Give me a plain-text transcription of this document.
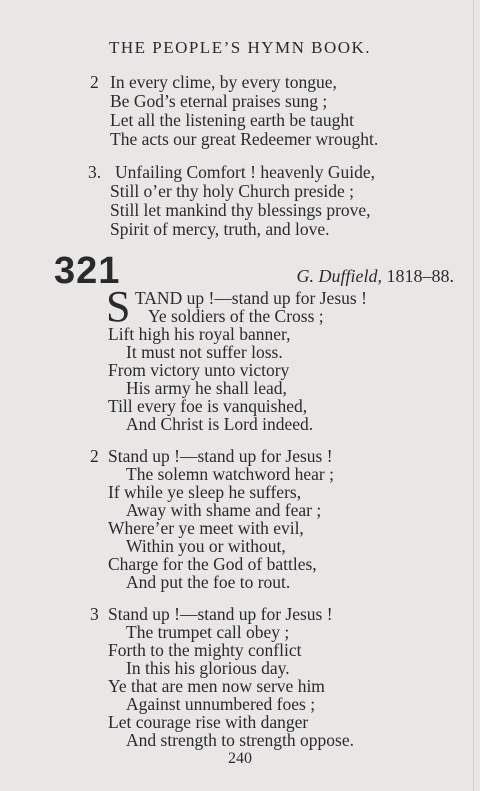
THE PEOPLE’S HYMN BOOK.
2 In every clime, by every tongue,
Be God’s eternal praises sung ;
Let all the listening earth be taught
The acts our great Redeemer wrought.
3. Unfailing Comfort ! heavenly Guide,
Still o’er thy holy Church preside ;
Still let mankind thy blessings prove,
Spirit of mercy, truth, and love.
321	G. Duffield, 1818–88.
S TAND up !—stand up for Jesus !
Ye soldiers of the Cross ;
Lift high his royal banner,
It must not suffer loss.
From victory unto victory
His army he shall lead,
Till every foe is vanquished,
And Christ is Lord indeed.
2 Stand up !—stand up for Jesus !
The solemn watchword hear ;
If while ye sleep he suffers,
Away with shame and fear ;
Where’er ye meet with evil,
Within you or without,
Charge for the God of battles,
And put the foe to rout.
3 Stand up !—stand up for Jesus !
The trumpet call obey ;
Forth to the mighty conflict
In this his glorious day.
Ye that are men now serve him
Against unnumbered foes ;
Let courage rise with danger
And strength to strength oppose.
240
